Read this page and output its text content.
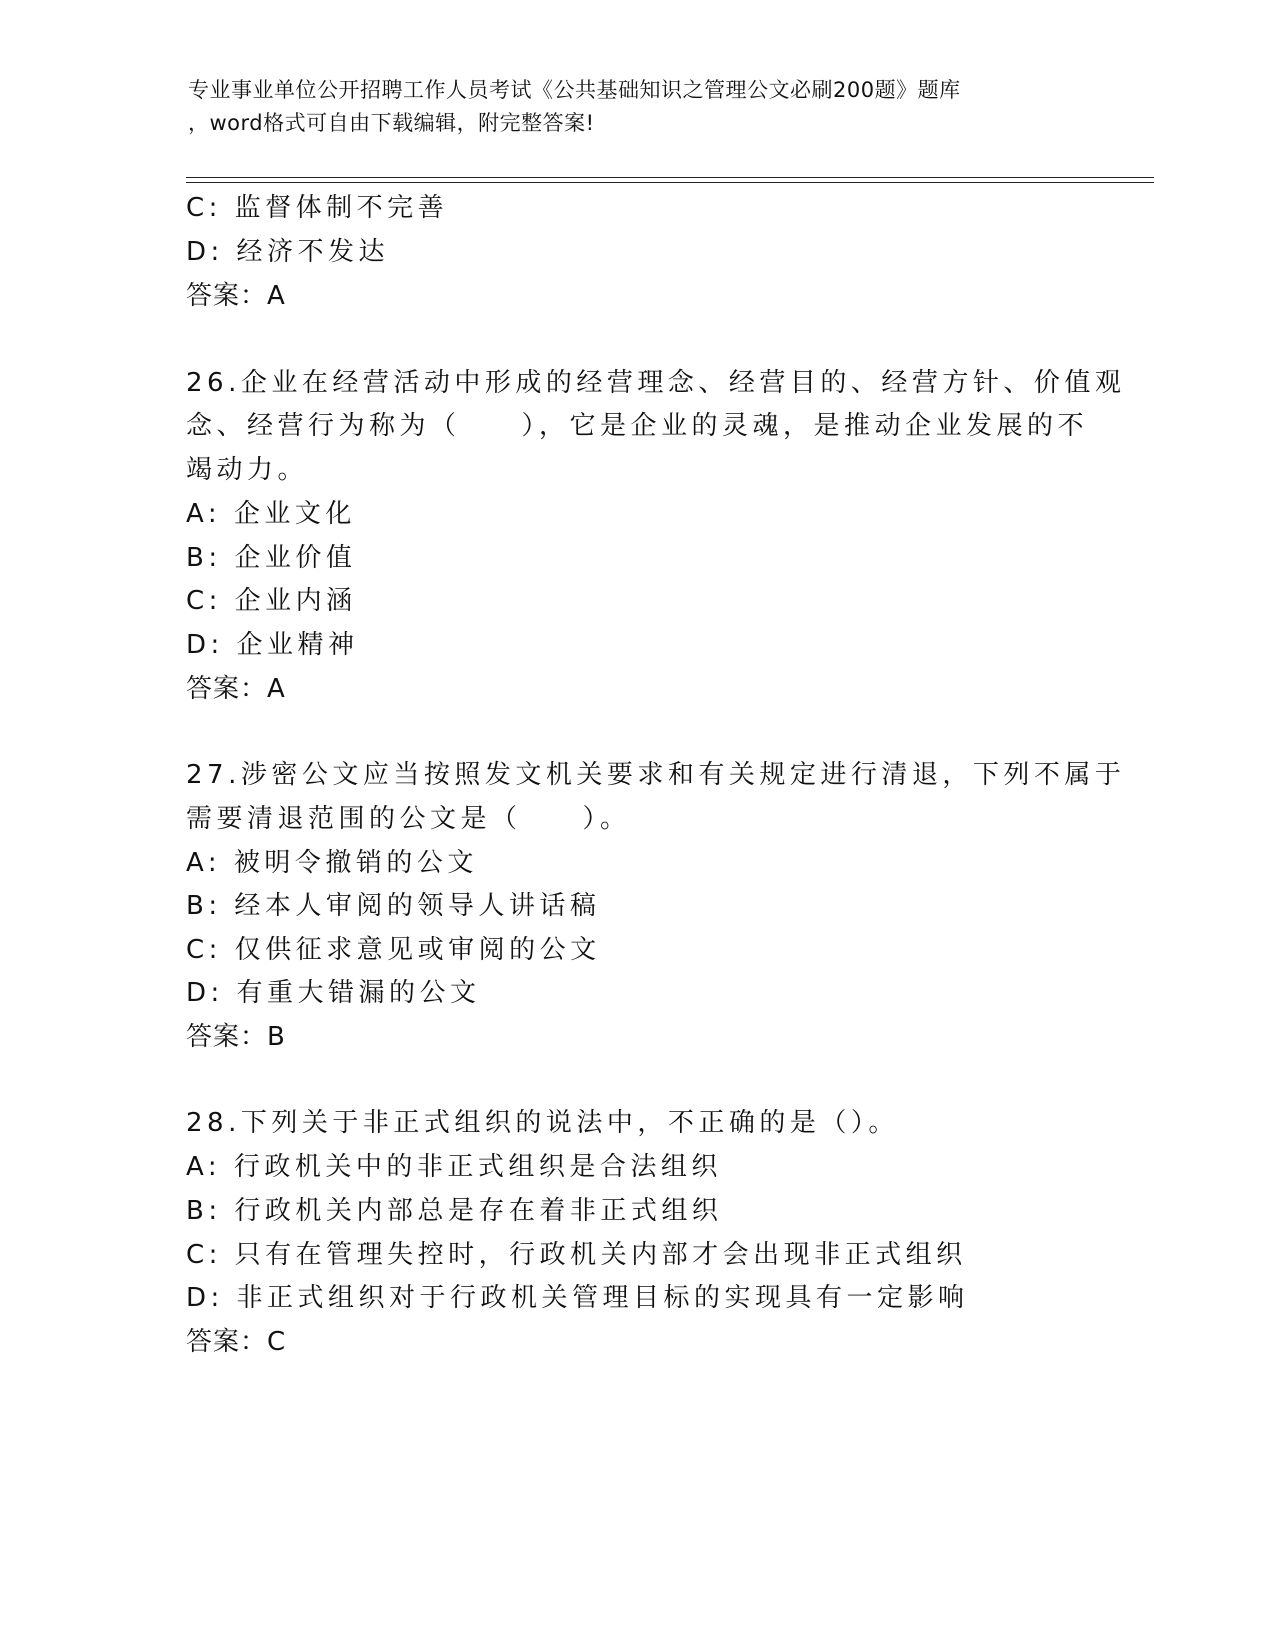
专业事业单位公开招聘工作人员考试《公共基础知识之管理公文必刷200题》题库
，word格式可自由下载编辑，附完整答案!
C: 监督体制不完善
D: 经济不发达
答案：A
26.企业在经营活动中形成的经营理念、经营目的、经营方针、价值观
念、经营行为称为（　　），它是企业的灵魂，是推动企业发展的不
竭动力。
A: 企业文化
B: 企业价值
C: 企业内涵
D: 企业精神
答案：A
27.涉密公文应当按照发文机关要求和有关规定进行清退，下列不属于
需要清退范围的公文是（　　）。
A: 被明令撤销的公文
B: 经本人审阅的领导人讲话稿
C: 仅供征求意见或审阅的公文
D: 有重大错漏的公文
答案：B
28.下列关于非正式组织的说法中，不正确的是（）。
A: 行政机关中的非正式组织是合法组织
B: 行政机关内部总是存在着非正式组织
C: 只有在管理失控时，行政机关内部才会出现非正式组织
D: 非正式组织对于行政机关管理目标的实现具有一定影响
答案：C
